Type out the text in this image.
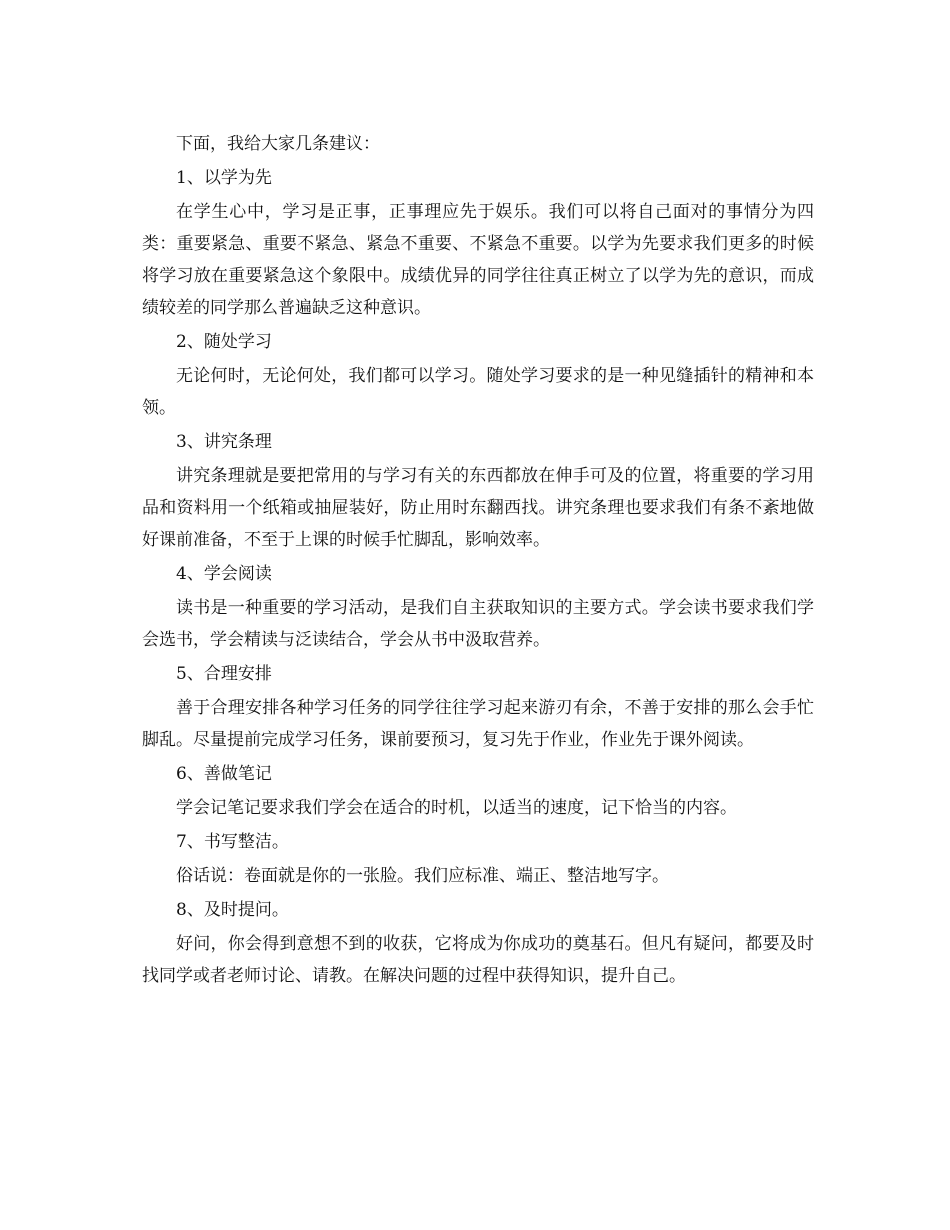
下面，我给大家几条建议：

1、以学为先

在学生心中，学习是正事，正事理应先于娱乐。我们可以将自己面对的事情分为四类：重要紧急、重要不紧急、紧急不重要、不紧急不重要。以学为先要求我们更多的时候将学习放在重要紧急这个象限中。成绩优异的同学往往真正树立了以学为先的意识，而成绩较差的同学那么普遍缺乏这种意识。

2、随处学习

无论何时，无论何处，我们都可以学习。随处学习要求的是一种见缝插针的精神和本领。

3、讲究条理

讲究条理就是要把常用的与学习有关的东西都放在伸手可及的位置，将重要的学习用品和资料用一个纸箱或抽屉装好，防止用时东翻西找。讲究条理也要求我们有条不紊地做好课前准备，不至于上课的时候手忙脚乱，影响效率。

4、学会阅读

读书是一种重要的学习活动，是我们自主获取知识的主要方式。学会读书要求我们学会选书，学会精读与泛读结合，学会从书中汲取营养。

5、合理安排

善于合理安排各种学习任务的同学往往学习起来游刃有余，不善于安排的那么会手忙脚乱。尽量提前完成学习任务，课前要预习，复习先于作业，作业先于课外阅读。

6、善做笔记

学会记笔记要求我们学会在适合的时机，以适当的速度，记下恰当的内容。

7、书写整洁。

俗话说：卷面就是你的一张脸。我们应标准、端正、整洁地写字。

8、及时提问。

好问，你会得到意想不到的收获，它将成为你成功的奠基石。但凡有疑问，都要及时找同学或者老师讨论、请教。在解决问题的过程中获得知识，提升自己。
